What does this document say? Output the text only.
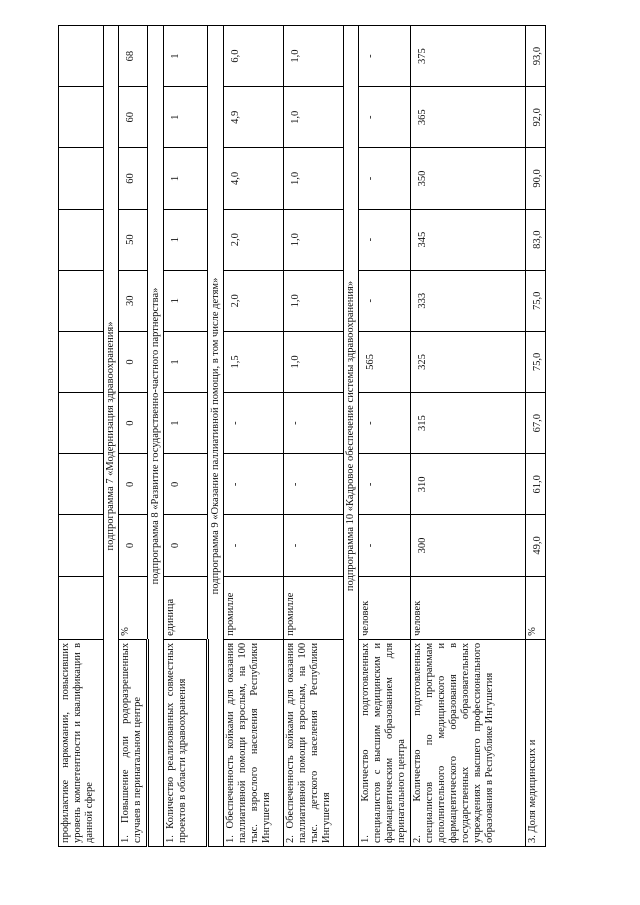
профилактике наркомании, повысивших уровень компетентности и квалификации в данной сфере										
подпрограмма 7 «Модернизация здравоохранения»										
1. Повышение доли родоразрешенных случаев в перинатальном центре	%	0	0	0	0	30	50	60	60	68
подпрограмма 8 «Развитие государственно-частного партнерства»										
1. Количество реализованных совместных проектов в области здравоохранения	единица	0	0	1	1	1	1	1	1	1
подпрограмма 9 «Оказание паллиативной помощи, в том числе детям»										
1. Обеспеченность койками для оказания паллиативной помощи взрослым, на 100 тыс. взрослого населения Республики Ингушетия	промилле	-	-	-	1,5	2,0	2,0	4,0	4,9	6,0
2. Обеспеченность койками для оказания паллиативной помощи взрослым, на 100 тыс. детского населения Республики Ингушетия	промилле	-	-	-	1,0	1,0	1,0	1,0	1,0	1,0
подпрограмма 10 «Кадровое обеспечение системы здравоохранения»										
1. Количество подготовленных специалистов с высшим медицинским и фармацевтическим образованием для перинатального центра	человек	-	-	-	565	-	-	-	-	-
2. Количество подготовленных специалистов по программам дополнительного медицинского и фармацевтического образования в государственных образовательных учреждениях высшего профессионального образования в Республике Ингушетия	человек	300	310	315	325	333	345	350	365	375
3. Доля медицинских и	%	49,0	61,0	67,0	75,0	75,0	83,0	90,0	92,0	93,0
